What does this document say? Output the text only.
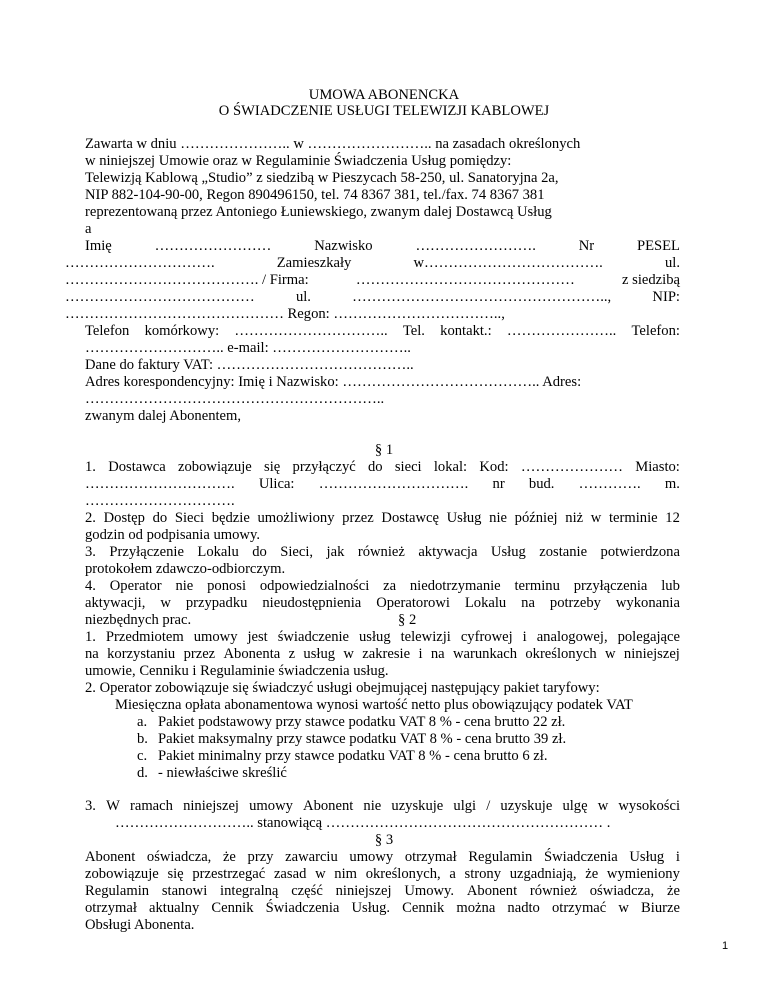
UMOWA ABONENCKA
O ŚWIADCZENIE USŁUGI TELEWIZJI KABLOWEJ
Zawarta w dniu ………………….. w …………………….. na zasadach określonych
w niniejszej Umowie oraz w Regulaminie Świadczenia Usług pomiędzy:
Telewizją Kablową „Studio” z siedzibą w Pieszycach 58-250, ul. Sanatoryjna 2a,
NIP 882-104-90-00, Regon 890496150, tel. 74 8367 381, tel./fax. 74 8367 381
reprezentowaną przez Antoniego Łuniewskiego, zwanym dalej Dostawcą Usług
a
Imię	……………………	Nazwisko	…………………….	Nr	PESEL
………………………….	Zamieszkały	w……………………………….	ul.
…………………………………. / Firma:	………………………………………	z siedzibą
…………………………………	ul.	……………………………………………..,	NIP:
……………………………………… Regon: ……………………………..,
Telefon komórkowy: ………………………….. Tel. kontakt.: ………………….. Telefon:
……………………….. e-mail: ………………………..
Dane do faktury VAT: …………………………………..
Adres korespondencyjny: Imię i Nazwisko: ………………………………….. Adres:
……………………………………………………..
zwanym dalej Abonentem,
§ 1
1. Dostawca zobowiązuje się przyłączyć do sieci lokal: Kod: ………………… Miasto:
…………………………. Ulica: …………………………. nr bud. …………. m.
………………………….
2. Dostęp do Sieci będzie umożliwiony przez Dostawcę Usług nie później niż w terminie 12
godzin od podpisania umowy.
3. Przyłączenie Lokalu do Sieci, jak również aktywacja Usług zostanie potwierdzona
protokołem zdawczo-odbiorczym.
4. Operator nie ponosi odpowiedzialności za niedotrzymanie terminu przyłączenia lub
aktywacji, w przypadku nieudostępnienia Operatorowi Lokalu na potrzeby wykonania
niezbędnych prac.	§ 2
1. Przedmiotem umowy jest świadczenie usług telewizji cyfrowej i analogowej, polegające
na korzystaniu przez Abonenta z usług w zakresie i na warunkach określonych w niniejszej
umowie, Cenniku i Regulaminie świadczenia usług.
2. Operator zobowiązuje się świadczyć usługi obejmującej następujący pakiet taryfowy:
Miesięczna opłata abonamentowa wynosi wartość netto plus obowiązujący podatek VAT
a. Pakiet podstawowy przy stawce podatku VAT 8 % - cena brutto 22 zł.
b. Pakiet maksymalny przy stawce podatku VAT 8 % - cena brutto 39 zł.
c. Pakiet minimalny przy stawce podatku VAT 8 % - cena brutto 6 zł.
d. - niewłaściwe skreślić
3. W ramach niniejszej umowy Abonent nie uzyskuje ulgi / uzyskuje ulgę w wysokości
……………………….. stanowiącą ………………………………………………… .
§ 3
Abonent oświadcza, że przy zawarciu umowy otrzymał Regulamin Świadczenia Usług i
zobowiązuje się przestrzegać zasad w nim określonych, a strony uzgadniają, że wymieniony
Regulamin stanowi integralną część niniejszej Umowy. Abonent również oświadcza, że
otrzymał aktualny Cennik Świadczenia Usług. Cennik można nadto otrzymać w Biurze
Obsługi Abonenta.
1
